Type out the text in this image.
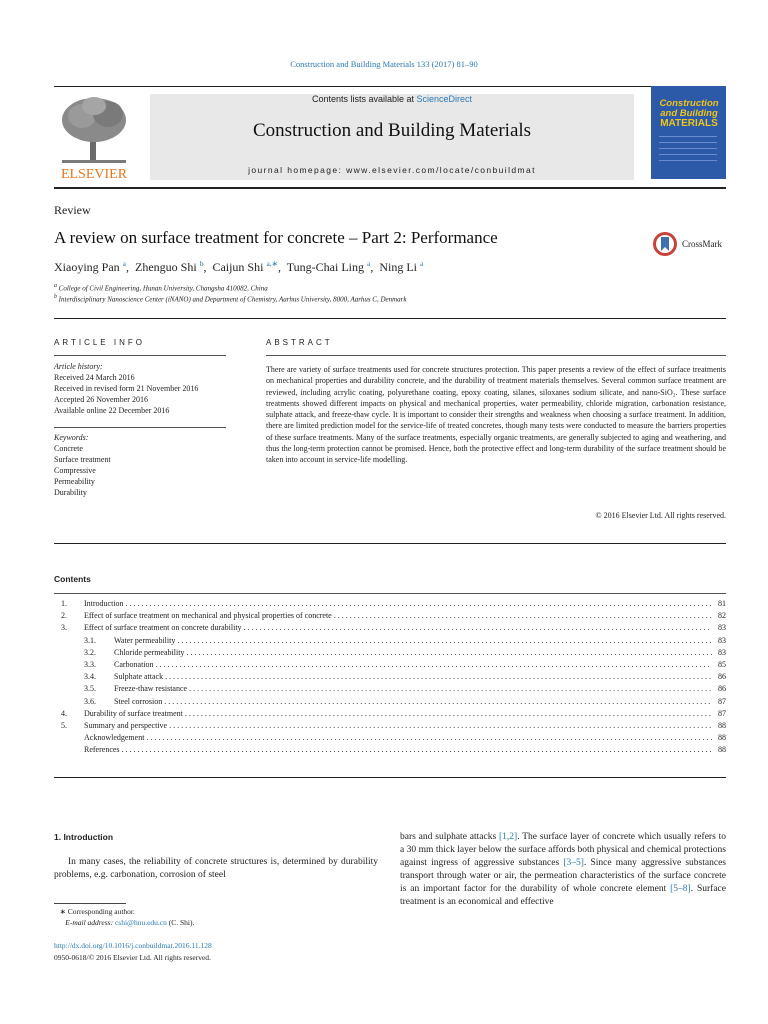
Construction and Building Materials 133 (2017) 81–90
ELSEVIER
Contents lists available at ScienceDirect
Construction and Building Materials
journal homepage: www.elsevier.com/locate/conbuildmat
Construction
and Building
MATERIALS
Review
A review on surface treatment for concrete – Part 2: Performance	CrossMark
Xiaoying Pan $^a$,  Zhenguo Shi $^b$,  Caijun Shi $^{a,∗}$,  Tung-Chai Ling $^a$,  Ning Li $^a$
$^a$ College of Civil Engineering, Hunan University, Changsha 410082, China
$^b$ Interdisciplinary Nanoscience Center (iNANO) and Department of Chemistry, Aarhus University, 8000, Aarhus C, Denmark
ARTICLE INFO
Article history:
Received 24 March 2016
Received in revised form 21 November 2016
Accepted 26 November 2016
Available online 22 December 2016
Keywords:
Concrete
Surface treatment
Compressive
Permeability
Durability
ABSTRACT
There are variety of surface treatments used for concrete structures protection. This paper presents a review of the effect of surface treatments on mechanical properties and durability concrete, and the durability of treatment materials themselves. Several common surface treatment are reviewed, including acrylic coating, polyurethane coating, epoxy coating, silanes, siloxanes sodium silicate, and nano-SiO₂. These surface treatments showed different impacts on physical and mechanical properties, water permeability, chloride migration, carbonation resistance, sulphate attack, and freeze-thaw cycle. It is important to consider their strengths and weakness when choosing a surface treatment. In addition, there are limited prediction model for the service-life of treated concretes, though many tests were conducted to measure the barriers properties of these surface treatments. Many of the surface treatments, especially organic treatments, are generally subjected to aging and weathering, and thus the long-term protection cannot be promised. Hence, both the protective effect and long-term durability of the surface treatment should be taken into account in service-life modelling.
© 2016 Elsevier Ltd. All rights reserved.
Contents
1. Introduction . . .	81
2. Effect of surface treatment on mechanical and physical properties of concrete . . .	82
3. Effect of surface treatment on concrete durability . . .	83
3.1. Water permeability . . .	83
3.2. Chloride permeability . . .	83
3.3. Carbonation . . .	85
3.4. Sulphate attack . . .	86
3.5. Freeze-thaw resistance . . .	86
3.6. Steel corrosion . . .	87
4. Durability of surface treatment . . .	87
5. Summary and perspective . . .	88
Acknowledgement . . .	88
References . . .	88
1. Introduction
In many cases, the reliability of concrete structures is, determined by durability problems, e.g. carbonation, corrosion of steel
bars and sulphate attacks [1,2]. The surface layer of concrete which usually refers to a 30 mm thick layer below the surface affords both physical and chemical protections against ingress of aggressive substances [3–5]. Since many aggressive substances transport through water or air, the permeation characteristics of the surface concrete is an important factor for the durability of whole concrete element [5–8]. Surface treatment is an economical and effective
∗ Corresponding author.
E-mail address: cshi@hnu.edu.cn (C. Shi).
http://dx.doi.org/10.1016/j.conbuildmat.2016.11.128
0950-0618/© 2016 Elsevier Ltd. All rights reserved.
